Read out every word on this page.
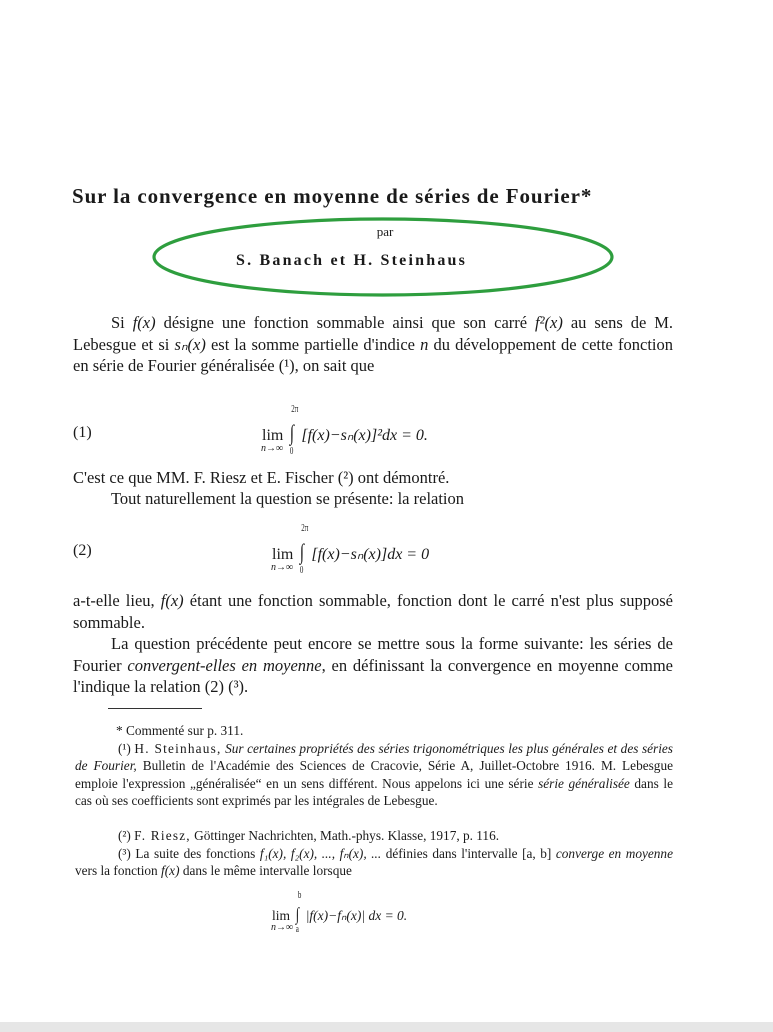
Sur la convergence en moyenne de séries de Fourier*
par
S. Banach et H. Steinhaus
Si f(x) désigne une fonction sommable ainsi que son carré f²(x) au sens de M. Lebesgue et si sₙ(x) est la somme partielle d'indice n du développement de cette fonction en série de Fourier généralisée (¹), on sait que
(1)	lim
n→∞
∫
2π
0
[f(x)−sₙ(x)]²dx = 0.
C'est ce que MM. F. Riesz et E. Fischer (²) ont démontré.
Tout naturellement la question se présente: la relation
(2)	lim
n→∞
∫
2π
0
[f(x)−sₙ(x)]dx = 0
a-t-elle lieu, f(x) étant une fonction sommable, fonction dont le carré n'est plus supposé sommable.
La question précédente peut encore se mettre sous la forme suivante: les séries de Fourier convergent-elles en moyenne, en définissant la convergence en moyenne comme l'indique la relation (2) (³).
* Commenté sur p. 311.
(¹) H. Steinhaus, Sur certaines propriétés des séries trigonométriques les plus générales et des séries de Fourier, Bulletin de l'Académie des Sciences de Cracovie, Série A, Juillet-Octobre 1916. M. Lebesgue emploie l'expression „généralisée“ en un sens différent. Nous appelons ici une série série généralisée dans le cas où ses coefficients sont exprimés par les intégrales de Lebesgue.
(²) F. Riesz, Göttinger Nachrichten, Math.-phys. Klasse, 1917, p. 116.
(³) La suite des fonctions f₁(x), f₂(x), ..., fₙ(x), ... définies dans l'intervalle [a, b] converge en moyenne vers la fonction f(x) dans le même intervalle lorsque
lim
n→∞
∫
b
a
|f(x)−fₙ(x)| dx = 0.
